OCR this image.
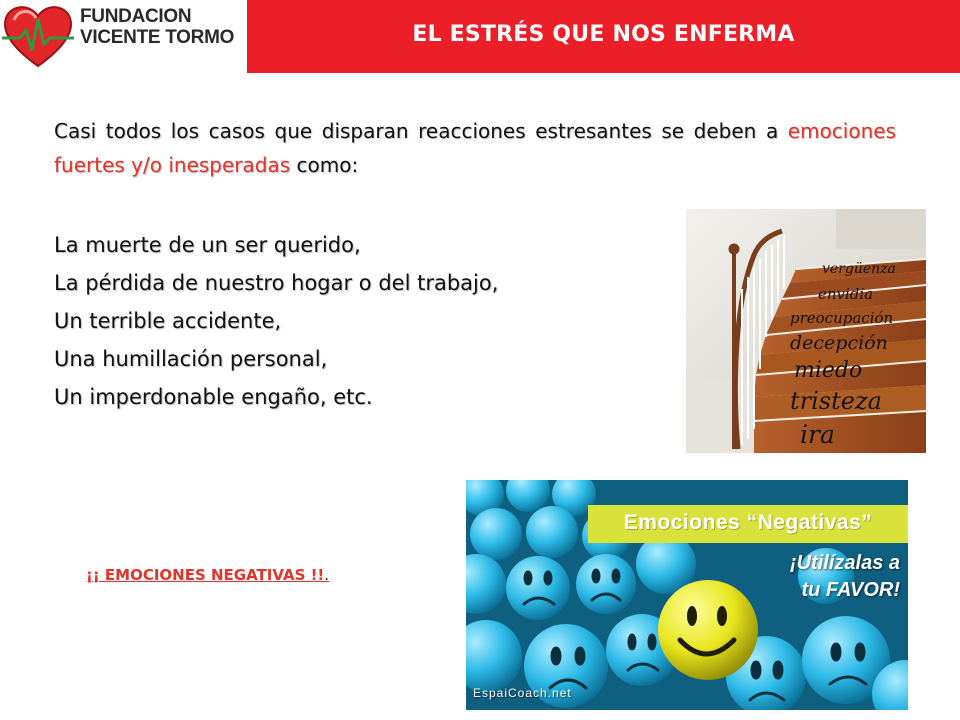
FUNDACION
VICENTE TORMO	EL ESTRÉS QUE NOS ENFERMA
Casi todos los casos que disparan reacciones estresantes se deben a emociones fuertes y/o inesperadas como:
La muerte de un ser querido,
La pérdida de nuestro hogar o del trabajo,
Un terrible accidente,
Una humillación personal,
Un imperdonable engaño, etc.
vergüenza
envidia
preocupación
decepción
miedo
tristeza
ira
¡¡ EMOCIONES NEGATIVAS !!.
Emociones “Negativas”
¡Utilízalas a
tu FAVOR!
EspaiCoach.net
